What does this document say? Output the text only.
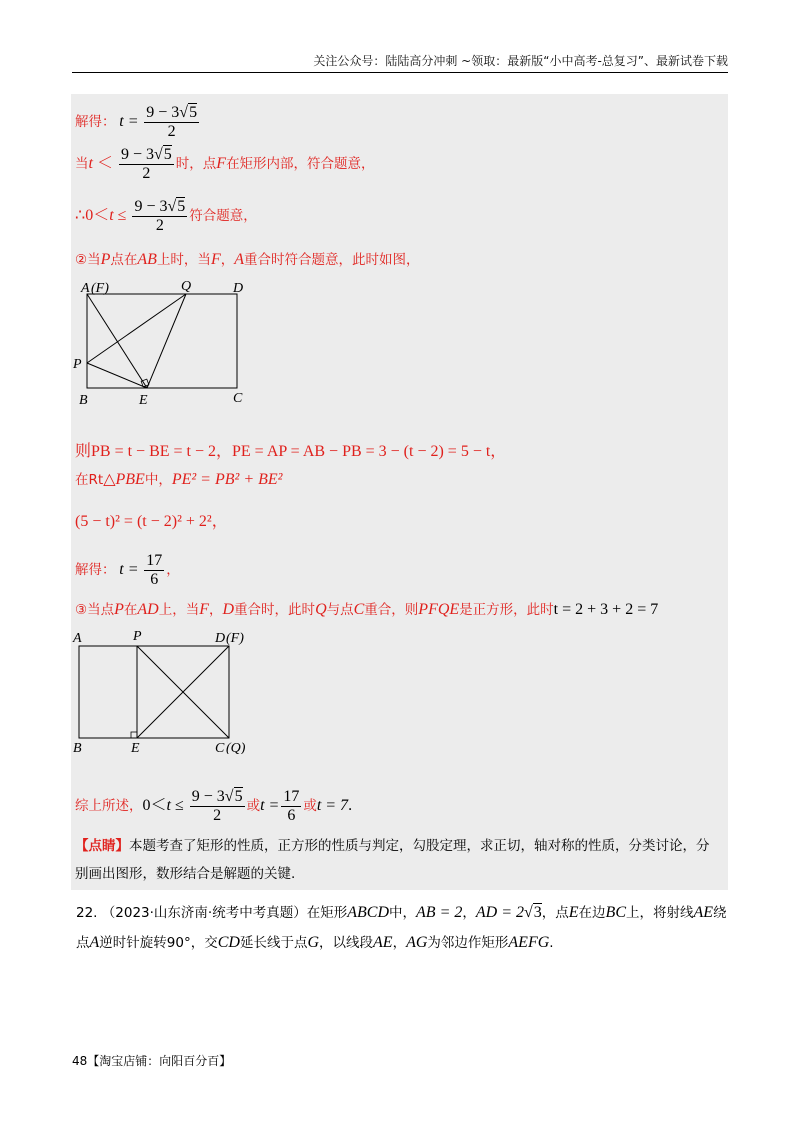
关注公众号：陆陆高分冲刺 ~领取：最新版“小中高考-总复习”、最新试卷下载
解得： $t = \frac{9 - 3√5}{2}$
当$t < \frac{9 - 3√5}{2}$ 时，点F在矩形内部，符合题意，
∴0＜t ≤ $\frac{9 - 3√5}{2}$ 符合题意，
②当P点在AB上时，当F，A重合时符合题意，此时如图，
A (F)	Q	D
P
B	E	C
则PB = t − BE = t − 2，PE = AP = AB − PB = 3 − (t − 2) = 5 − t，
在Rt△PBE中，PE² = PB² + BE²
(5 − t)² = (t − 2)² + 2²，
解得： $t = \frac{17}{6}$ ，
③当点P在AD上，当F，D重合时，此时Q与点C重合，则PFQE是正方形，此时t = 2 + 3 + 2 = 7
A	P	D (F)
B	E	C (Q)
综上所述，$0<t \le \frac{9 - 3√5}{2}$ 或$t = \frac{17}{6}$ 或t = 7.
【点睛】本题考查了矩形的性质，正方形的性质与判定，勾股定理，求正切，轴对称的性质，分类讨论，分别画出图形，数形结合是解题的关键.
22. （2023·山东济南·统考中考真题）在矩形ABCD中，AB = 2，AD = 2√3，点E在边BC上，将射线AE绕点A逆时针旋转90°，交CD延长线于点G，以线段AE，AG为邻边作矩形AEFG.
48【淘宝店铺：向阳百分百】
